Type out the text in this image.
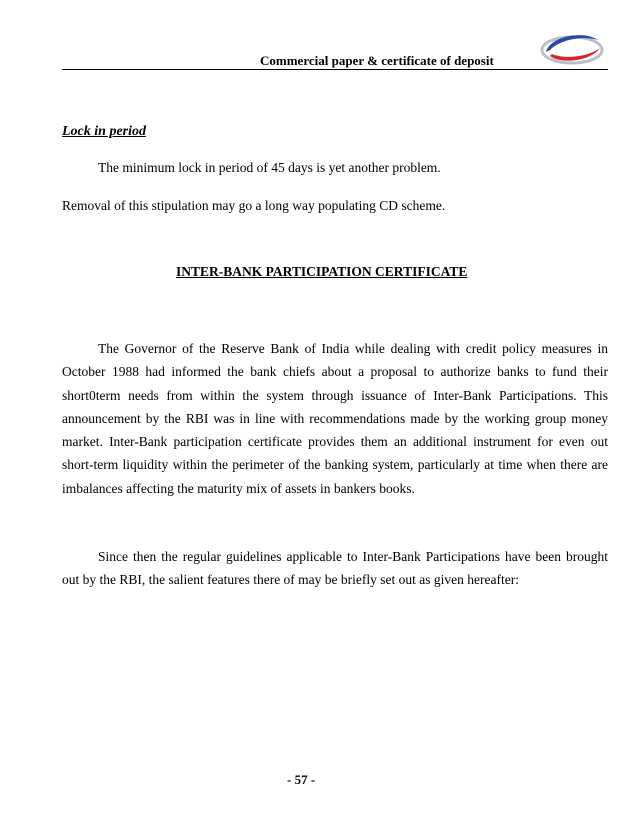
Commercial paper & certificate of deposit
Lock in period
The minimum lock in period of 45 days is yet another problem.
Removal of this stipulation may go a long way populating CD scheme.
INTER-BANK PARTICIPATION CERTIFICATE

The Governor of the Reserve Bank of India while dealing with credit policy measures in October 1988 had informed the bank chiefs about a proposal to authorize banks to fund their short0term needs from within the system through issuance of Inter-Bank Participations. This announcement by the RBI was in line with recommendations made by the working group money market. Inter-Bank participation certificate provides them an additional instrument for even out short-term liquidity within the perimeter of the banking system, particularly at time when there are imbalances affecting the maturity mix of assets in bankers books.

Since then the regular guidelines applicable to Inter-Bank Participations have been brought out by the RBI, the salient features there of may be briefly set out as given hereafter:

- 57 -
